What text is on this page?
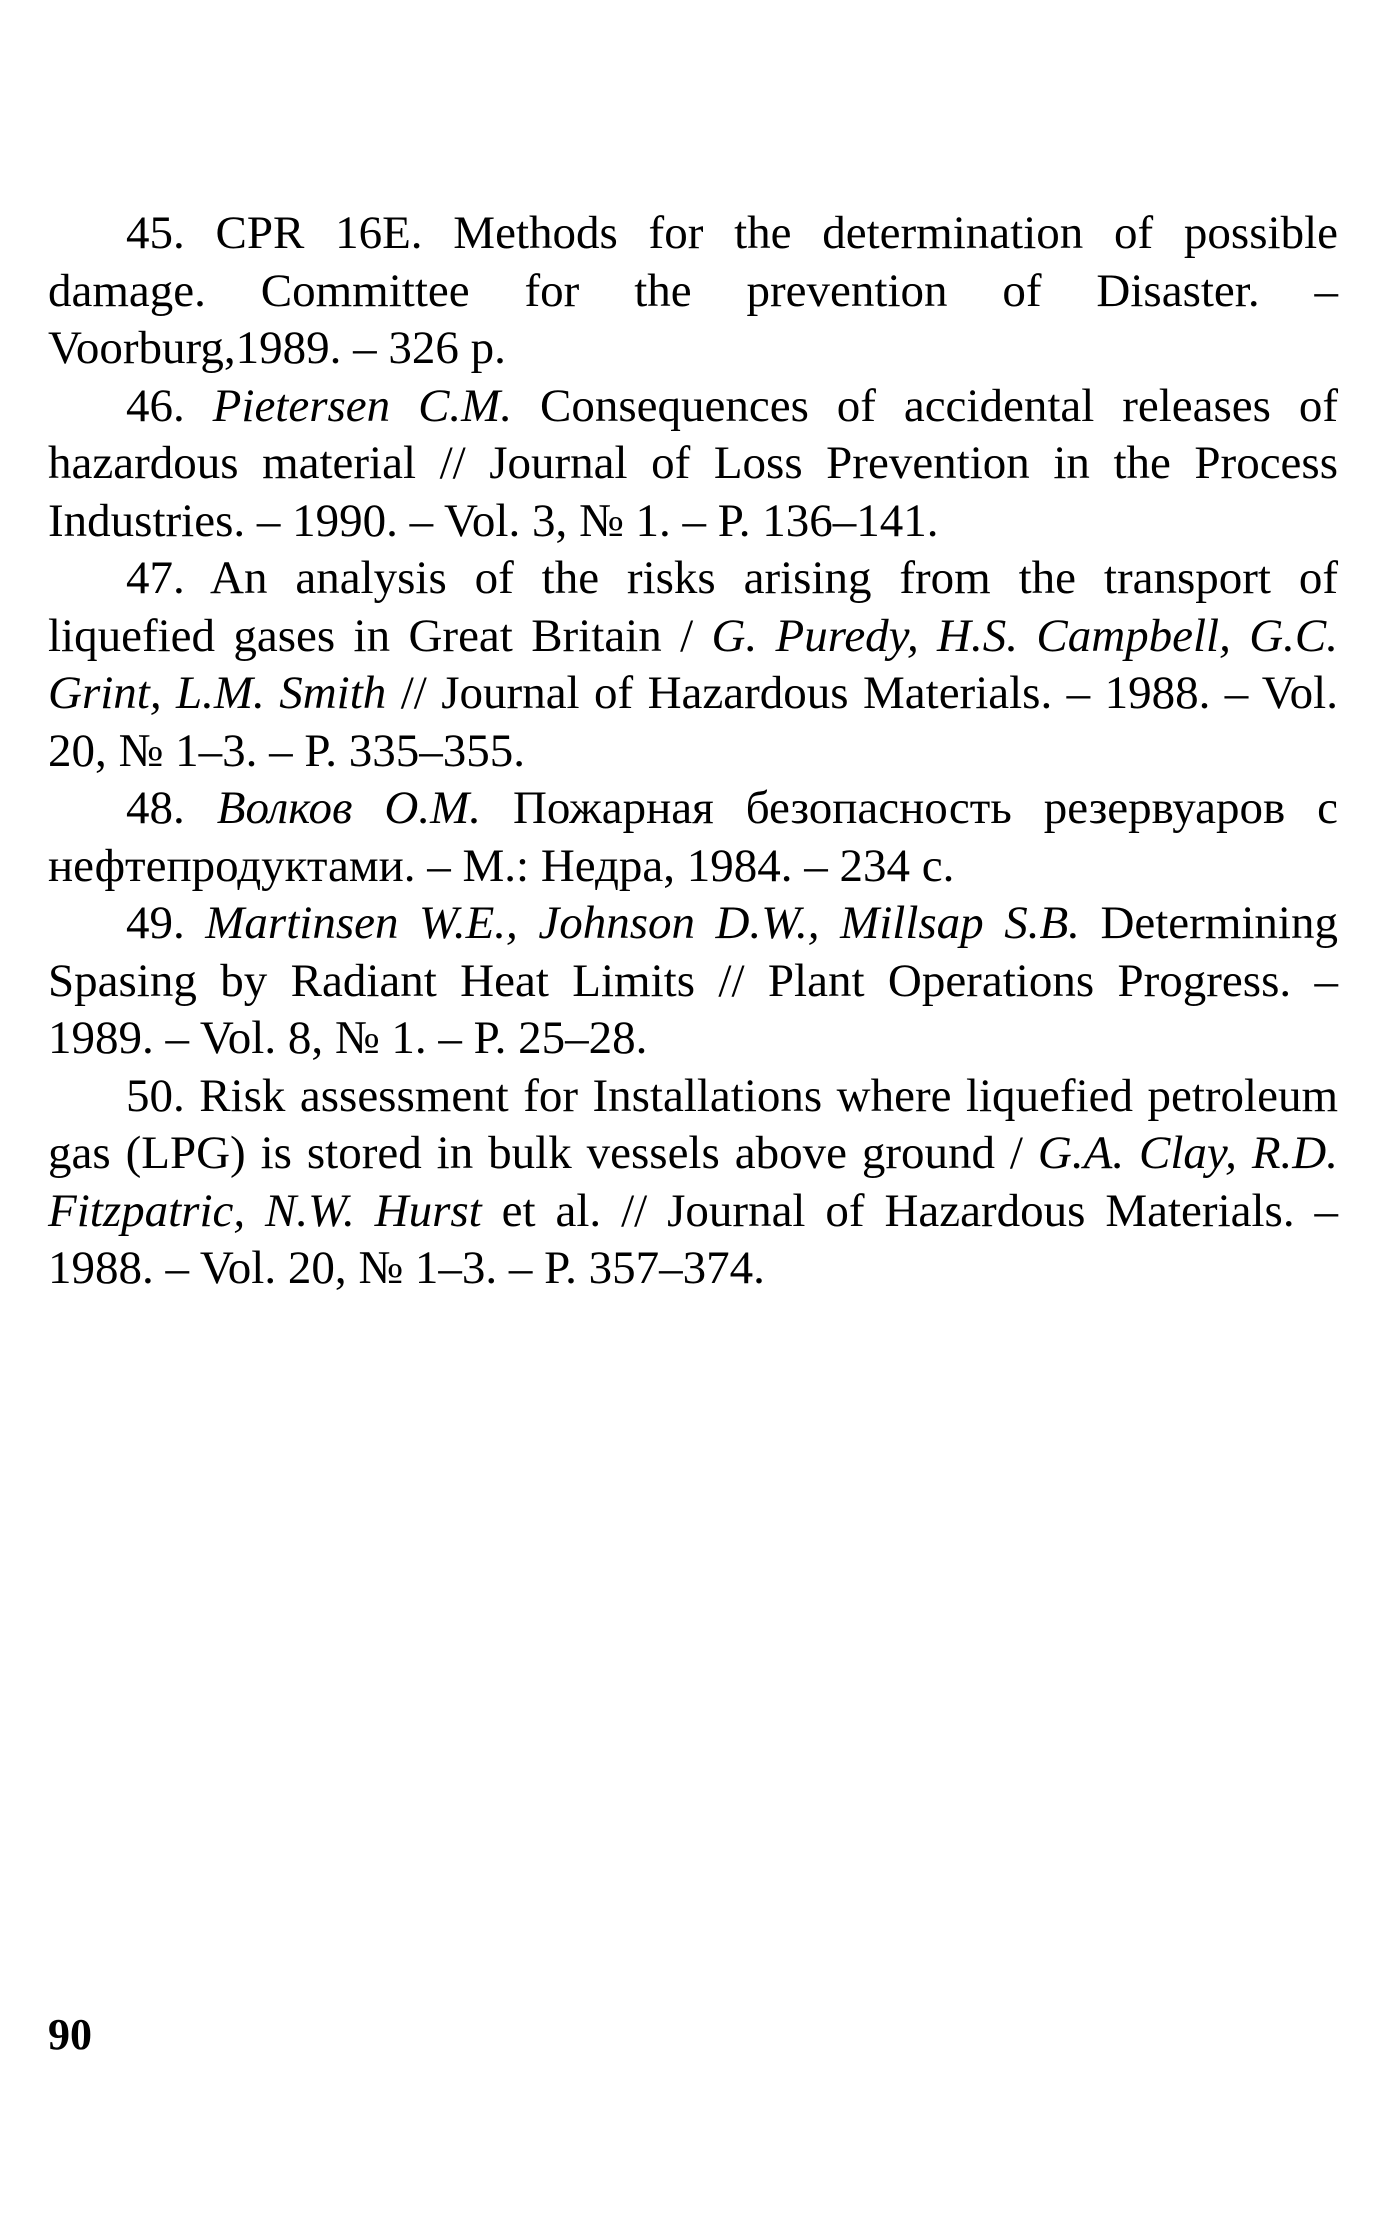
45. CPR 16E. Methods for the determination of possible damage. Committee for the prevention of Disaster. – Voorburg,1989. – 326 p.

46. Pietersen C.M. Consequences of accidental releases of hazardous material // Journal of Loss Prevention in the Process Industries. – 1990. – Vol. 3, № 1. – P. 136–141.

47. An analysis of the risks arising from the transport of liquefied gases in Great Britain / G. Puredy, H.S. Campbell, G.C. Grint, L.M. Smith // Journal of Hazardous Materials. – 1988. – Vol. 20, № 1–3. – P. 335–355.

48. Волков О.М. Пожарная безопасность резервуаров с нефтепродуктами. – М.: Недра, 1984. – 234 с.

49. Martinsen W.E., Johnson D.W., Millsap S.B. Determining Spasing by Radiant Heat Limits // Plant Operations Progress. – 1989. – Vol. 8, № 1. – P. 25–28.

50. Risk assessment for Installations where liquefied petroleum gas (LPG) is stored in bulk vessels above ground / G.A. Clay, R.D. Fitzpatric, N.W. Hurst et al. // Journal of Hazardous Materials. – 1988. – Vol. 20, № 1–3. – P. 357–374.

90
